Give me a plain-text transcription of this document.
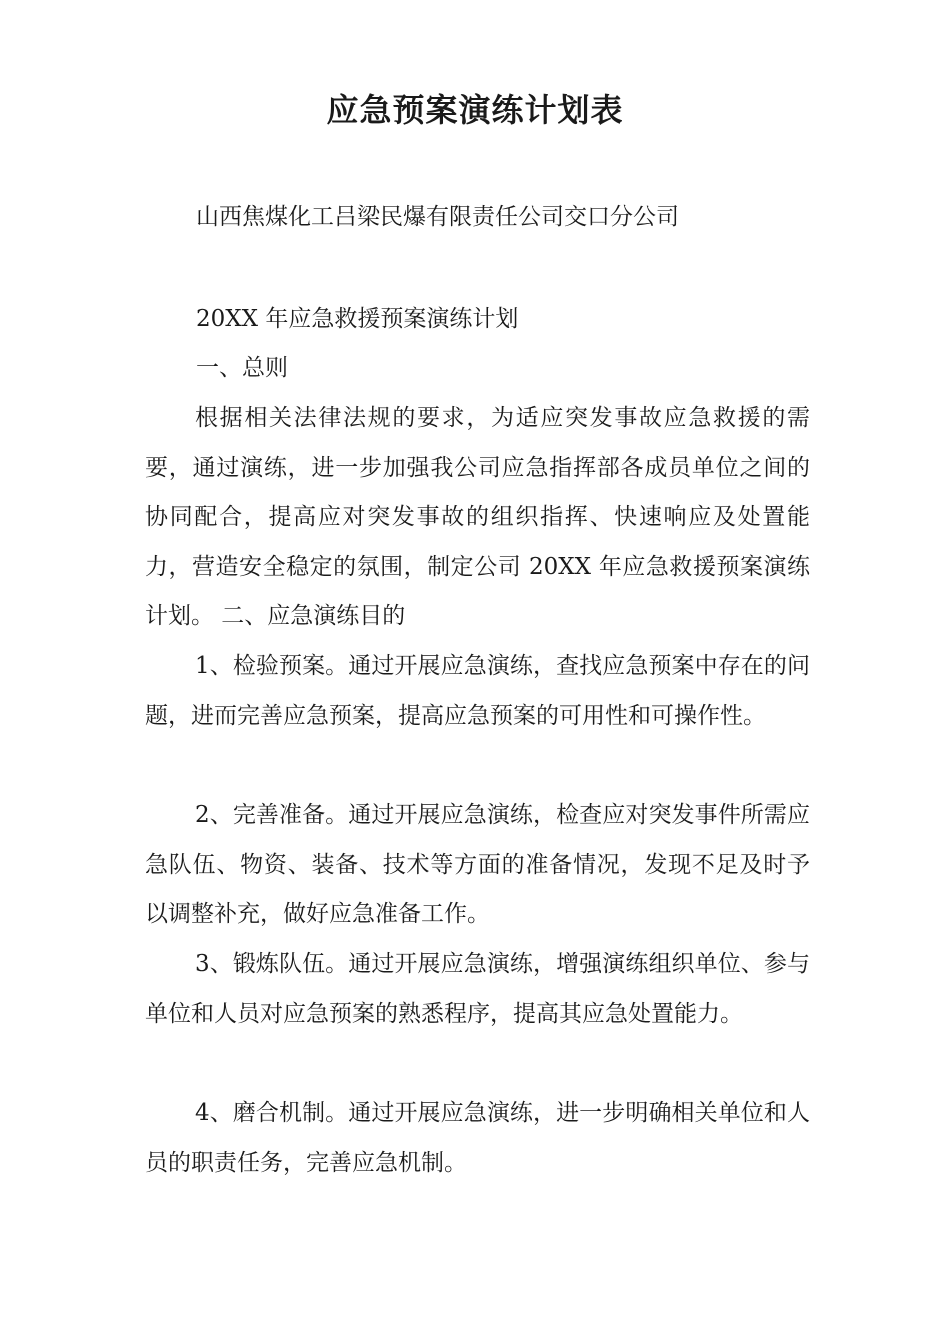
应急预案演练计划表

山西焦煤化工吕梁民爆有限责任公司交口分公司

20XX 年应急救援预案演练计划

一、总则

根据相关法律法规的要求，为适应突发事故应急救援的需要，通过演练，进一步加强我公司应急指挥部各成员单位之间的协同配合，提高应对突发事故的组织指挥、快速响应及处置能力，营造安全稳定的氛围，制定公司 20XX 年应急救援预案演练计划。 二、应急演练目的

1、检验预案。通过开展应急演练，查找应急预案中存在的问题，进而完善应急预案，提高应急预案的可用性和可操作性。

2、完善准备。通过开展应急演练，检查应对突发事件所需应急队伍、物资、装备、技术等方面的准备情况，发现不足及时予以调整补充，做好应急准备工作。

3、锻炼队伍。通过开展应急演练，增强演练组织单位、参与单位和人员对应急预案的熟悉程序，提高其应急处置能力。

4、磨合机制。通过开展应急演练，进一步明确相关单位和人员的职责任务，完善应急机制。
